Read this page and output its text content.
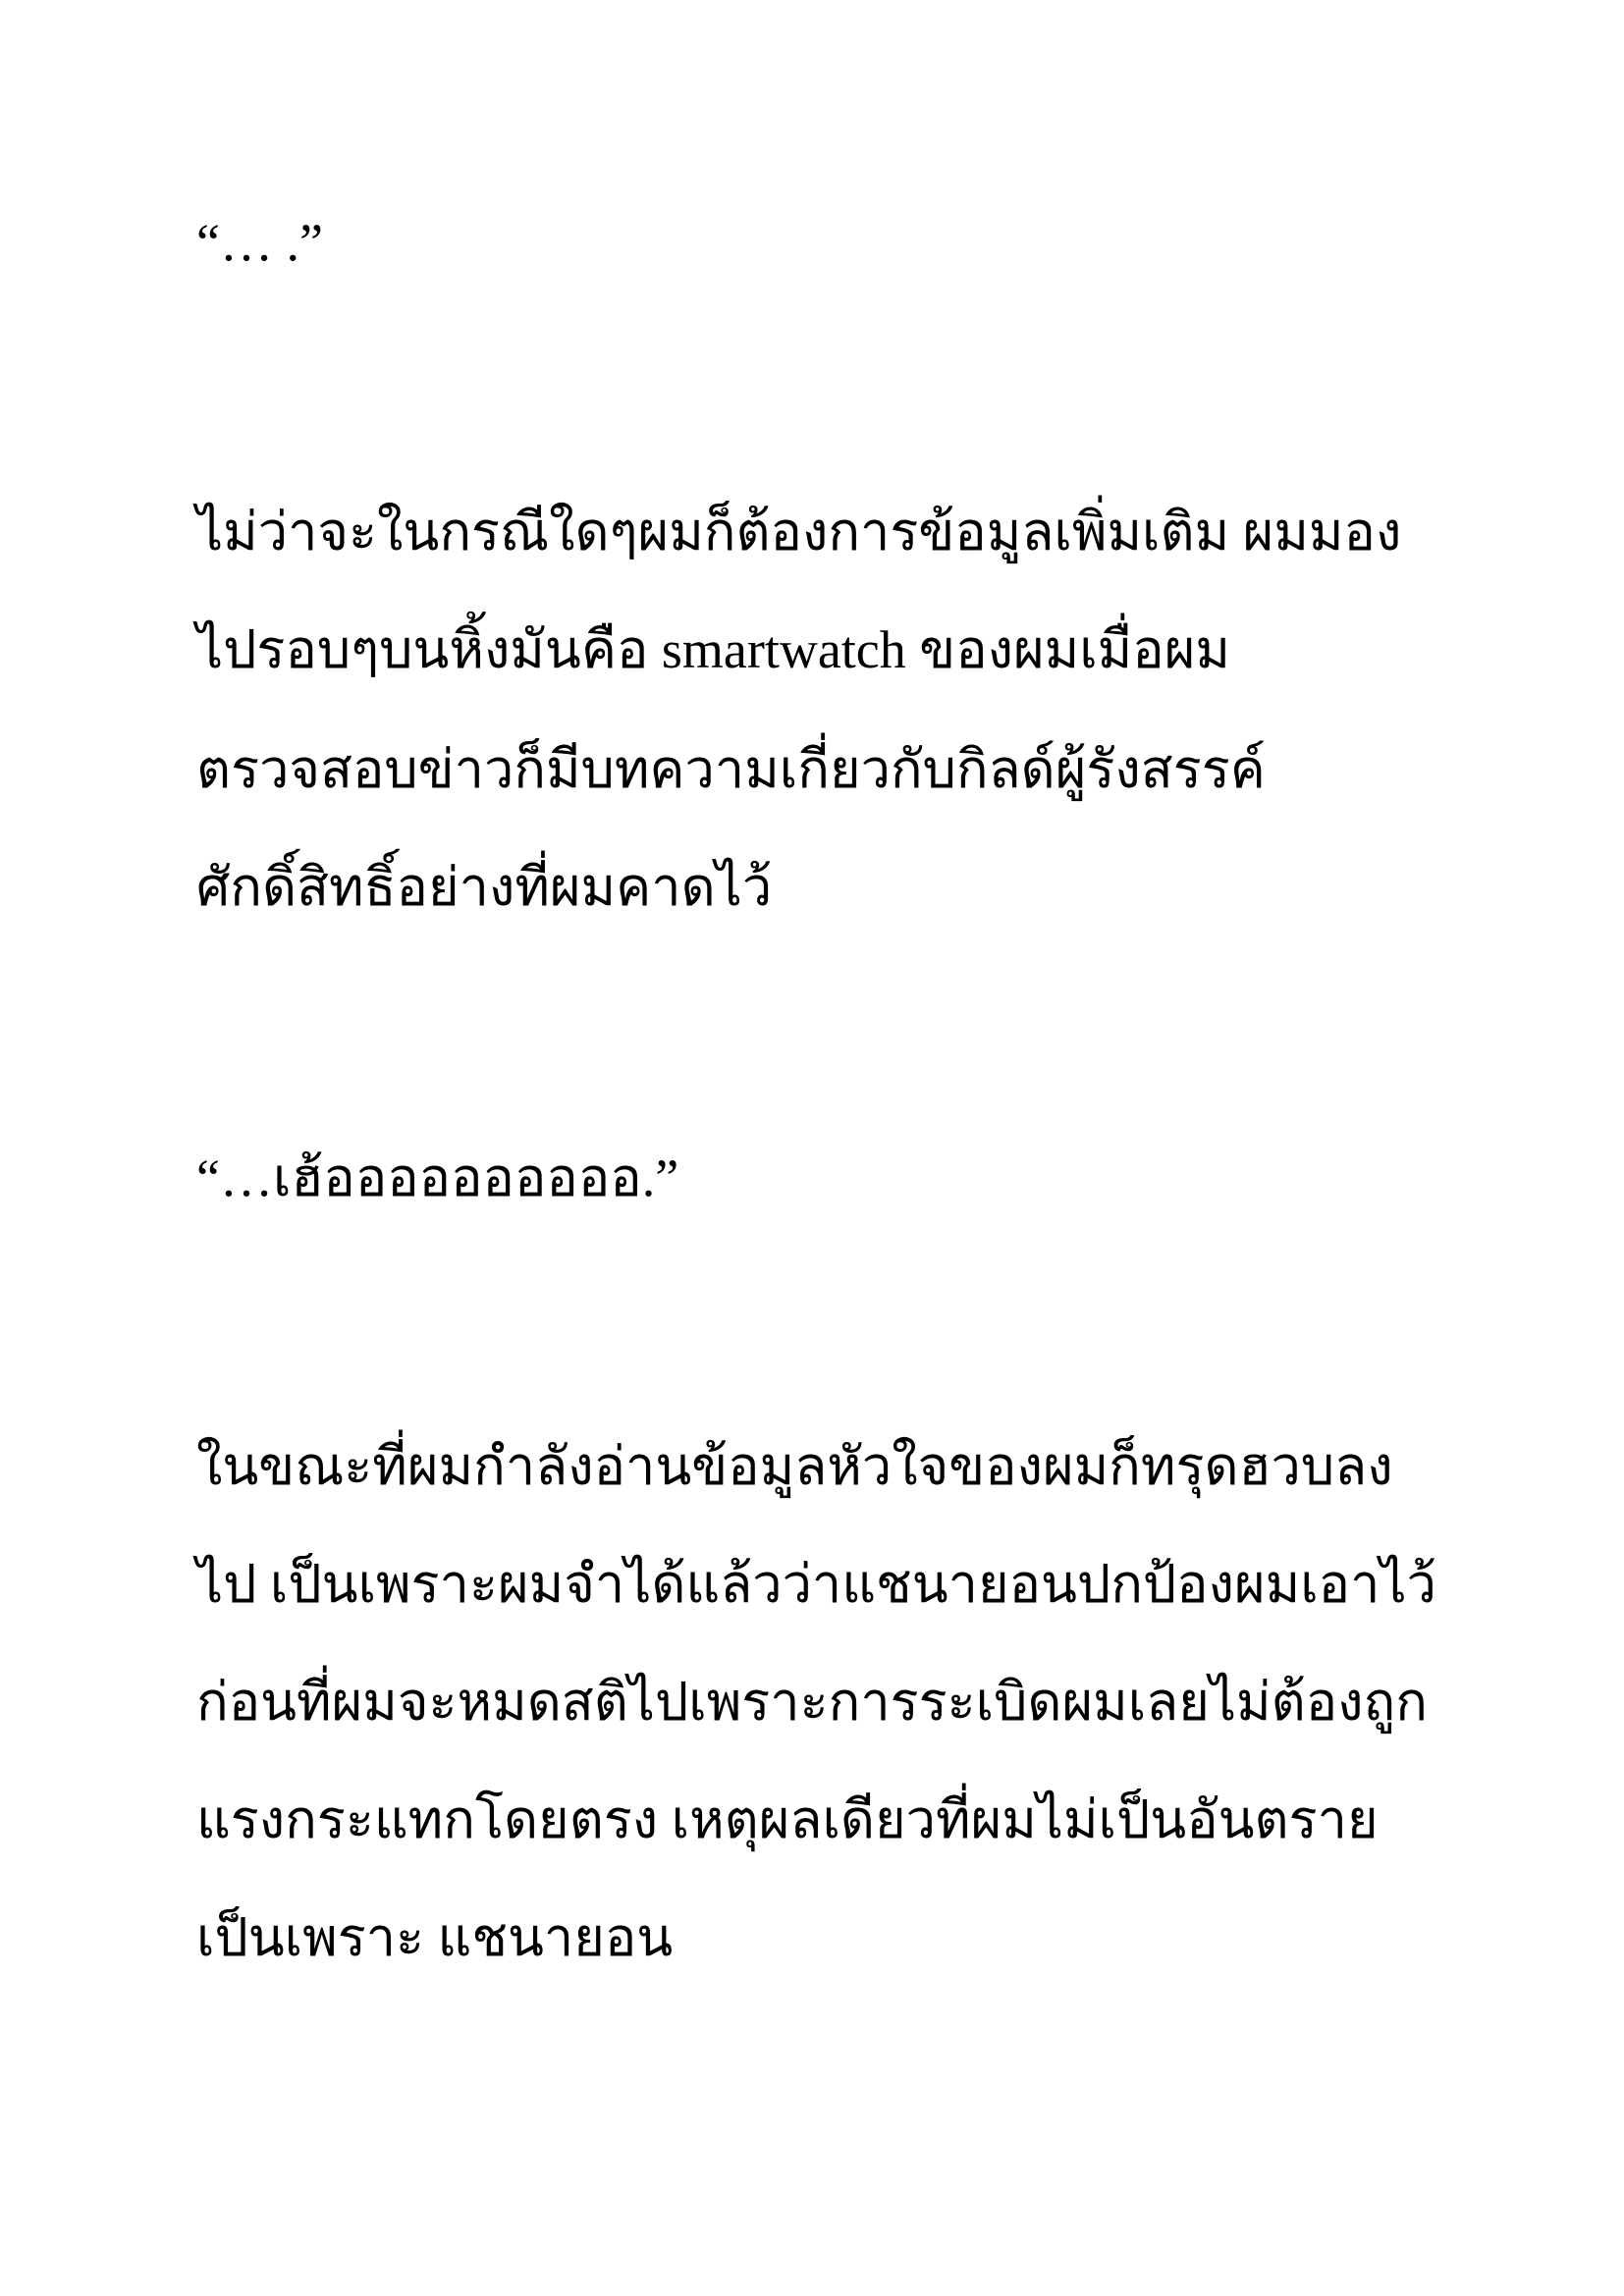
“… .”

ไม่ว่าจะในกรณีใดๆผมก็ต้องการข้อมูลเพิ่มเติม ผมมอง

ไปรอบๆบนหิ้งมันคือ smartwatch ของผมเมื่อผม

ตรวจสอบข่าวก็มีบทความเกี่ยวกับกิลด์ผู้รังสรรค์

ศักดิ์สิทธิ์อย่างที่ผมคาดไว้

“…เฮ้ออออออออออ.”

ในขณะที่ผมกำลังอ่านข้อมูลหัวใจของผมก็ทรุดฮวบลง

ไป เป็นเพราะผมจำได้แล้วว่าแชนายอนปกป้องผมเอาไว้

ก่อนที่ผมจะหมดสติไปเพราะการระเบิดผมเลยไม่ต้องถูก

แรงกระแทกโดยตรง เหตุผลเดียวที่ผมไม่เป็นอันตราย

เป็นเพราะ แชนายอน
